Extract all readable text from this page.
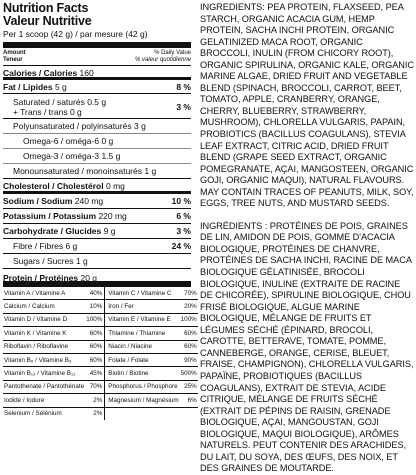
Nutrition Facts
Valeur Nutritive
Per 1 scoop (42 g) / par mesure (42 g)
Amount
Teneur
% Daily Value
% valeur quotidienne
Calories / Calories 160
Fat / Lipides 5 g	8 %
Saturated / saturés 0.5 g
+ Trans / trans 0 g	3 %
Polyunsaturated / polyinsaturés 3 g
Omega-6 / oméga-6 0 g
Omega-3 / oméga-3 1.5 g
Monounsaturated / monoinsaturés 1 g
Cholesterol / Cholestérol 0 mg
Sodium / Sodium 240 mg	10 %
Potassium / Potassium 220 mg	6 %
Carbohydrate / Glucides 9 g	3 %
Fibre / Fibres 6 g	24 %
Sugars / Sucres 1 g
Protein / Protéines 20 g
Vitamin A / Vitamine A	40%	Vitamin C / Vitamine C	70%
Calcium / Calcium	10%	Iron / Fer	20%
Vitamin D / Vitamine D	100%	Vitamin E / Vitamine E	100%
Vitamin K / Vitamine K	60%	Thiamine / Thiamine	60%
Riboflavin / Riboflavine	60%	Niacin / Niacine	60%
Vitamin B₆ / Vitamine B₆	60%	Folate / Folate	90%
Vitamin B₁₂ / Vitamine B₁₂	45%	Biotin / Biotine	500%
Pantothenate / Pantothénate	70%	Phosphorus / Phosphore	25%
Iodide / Iodure	2%	Magnesium / Magnésium	6%
Selenium / Sélénium	2%		

INGREDIENTS: PEA PROTEIN, FLAXSEED, PEA STARCH, ORGANIC ACACIA GUM, HEMP PROTEIN, SACHA INCHI PROTEIN, ORGANIC GELATINIZED MACA ROOT, ORGANIC BROCCOLI, INULIN (FROM CHICORY ROOT), ORGANIC SPIRULINA, ORGANIC KALE, ORGANIC MARINE ALGAE, DRIED FRUIT AND VEGETABLE BLEND (SPINACH, BROCCOLI, CARROT, BEET, TOMATO, APPLE, CRANBERRY, ORANGE, CHERRY, BLUEBERRY, STRAWBERRY, MUSHROOM), CHLORELLA VULGARIS, PAPAIN, PROBIOTICS (BACILLUS COAGULANS), STEVIA LEAF EXTRACT, CITRIC ACID, DRIED FRUIT BLEND (GRAPE SEED EXTRACT, ORGANIC POMEGRANATE, AÇAI, MANGOSTEEN, ORGANIC GOJI, ORGANIC MAQUI), NATURAL FLAVOURS. MAY CONTAIN TRACES OF PEANUTS, MILK, SOY, EGGS, TREE NUTS, AND MUSTARD SEEDS.

INGRÉDIENTS : PROTÉINES DE POIS, GRAINES DE LIN, AMIDON DE POIS, GOMME D'ACACIA BIOLOGIQUE, PROTÉINES DE CHANVRE, PROTÉINES DE SACHA INCHI, RACINE DE MACA BIOLOGIQUE GÉLATINISÉE, BROCOLI BIOLOGIQUE, INULINE (EXTRAITE DE RACINE DE CHICORÉE), SPIRULINE BIOLOGIQUE, CHOU FRISÉ BIOLOGIQUE, ALGUE MARINE BIOLOGIQUE, MÉLANGE DE FRUITS ET LÉGUMES SÉCHÉ (ÉPINARD, BROCOLI, CAROTTE, BETTERAVE, TOMATE, POMME, CANNEBERGE, ORANGE, CERISE, BLEUET, FRAISE, CHAMPIGNON), CHLORELLA VULGARIS, PAPAÏNE, PROBIOTIQUES (BACILLUS COAGULANS), EXTRAIT DE STEVIA, ACIDE CITRIQUE, MÉLANGE DE FRUITS SÉCHÉ (EXTRAIT DE PÉPINS DE RAISIN, GRENADE BIOLOGIQUE, AÇAI, MANGOUSTAN, GOJI BIOLOGIQUE, MAQUI BIOLOGIQUE), ARÔMES NATURELS. PEUT CONTENIR DES ARACHIDES, DU LAIT, DU SOYA, DES ŒUFS, DES NOIX, ET DES GRAINES DE MOUTARDE.
